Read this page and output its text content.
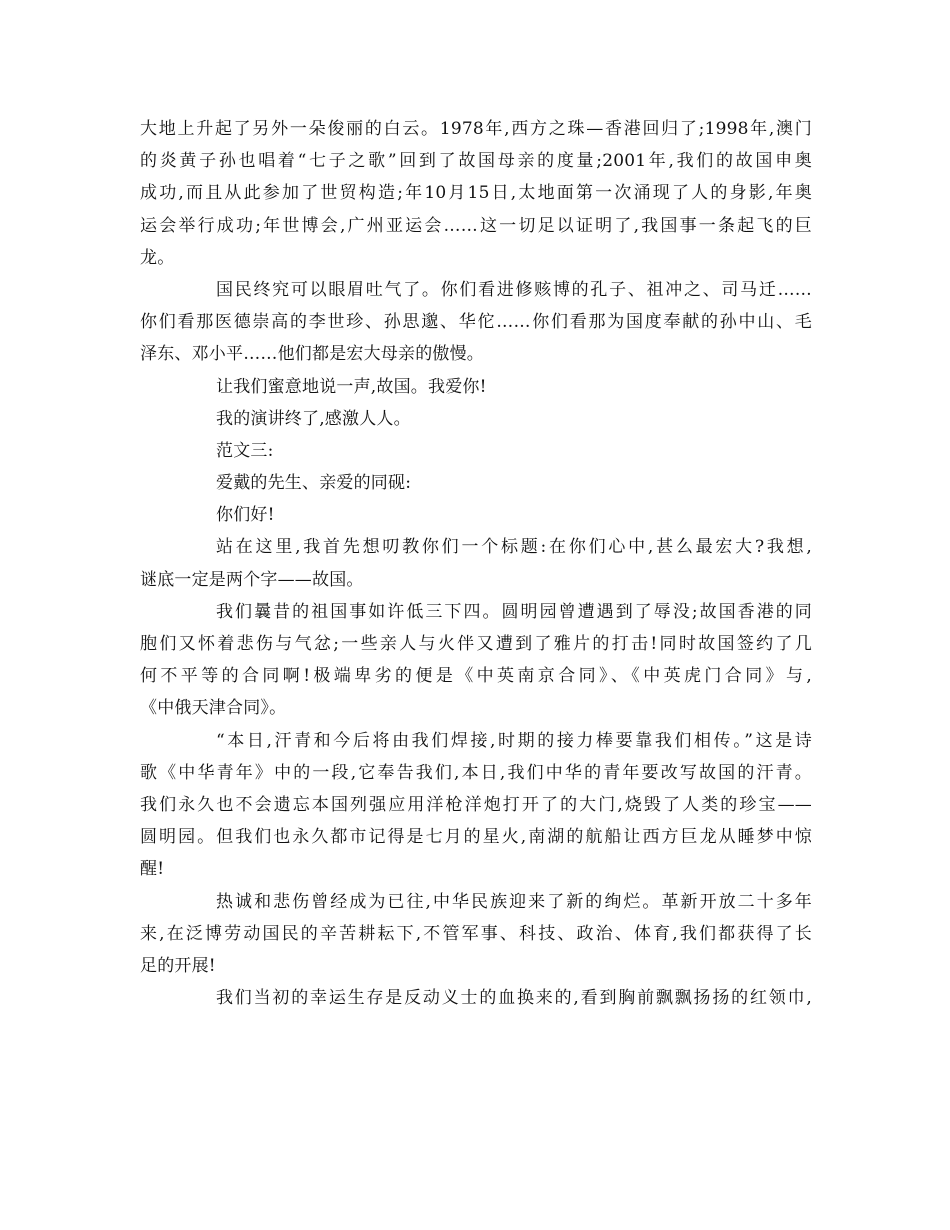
大地上升起了另外一朵俊丽的白云。1978年,西方之珠—香港回归了;1998年,澳门
的炎黄子孙也唱着“七子之歌”回到了故国母亲的度量;2001年,我们的故国申奥
成功,而且从此参加了世贸构造;年10月15日,太地面第一次涌现了人的身影,年奥
运会举行成功;年世博会,广州亚运会……这一切足以证明了,我国事一条起飞的巨
龙。
国民终究可以眼眉吐气了。你们看进修赅博的孔子、祖冲之、司马迁……
你们看那医德崇高的李世珍、孙思邈、华佗……你们看那为国度奉献的孙中山、毛
泽东、邓小平……他们都是宏大母亲的傲慢。
让我们蜜意地说一声,故国。我爱你!
我的演讲终了,感激人人。
范文三:
爱戴的先生、亲爱的同砚:
你们好!
站在这里,我首先想叨教你们一个标题:在你们心中,甚么最宏大?我想,
谜底一定是两个字——故国。
我们曩昔的祖国事如许低三下四。圆明园曾遭遇到了辱没;故国香港的同
胞们又怀着悲伤与气忿;一些亲人与火伴又遭到了雅片的打击!同时故国签约了几
何不平等的合同啊!极端卑劣的便是《中英南京合同》、《中英虎门合同》与,
《中俄天津合同》。
“本日,汗青和今后将由我们焊接,时期的接力棒要靠我们相传。”这是诗
歌《中华青年》中的一段,它奉告我们,本日,我们中华的青年要改写故国的汗青。
我们永久也不会遗忘本国列强应用洋枪洋炮打开了的大门,烧毁了人类的珍宝——
圆明园。但我们也永久都市记得是七月的星火,南湖的航船让西方巨龙从睡梦中惊
醒!
热诚和悲伤曾经成为已往,中华民族迎来了新的绚烂。革新开放二十多年
来,在泛博劳动国民的辛苦耕耘下,不管军事、科技、政治、体育,我们都获得了长
足的开展!
我们当初的幸运生存是反动义士的血换来的,看到胸前飘飘扬扬的红领巾,
